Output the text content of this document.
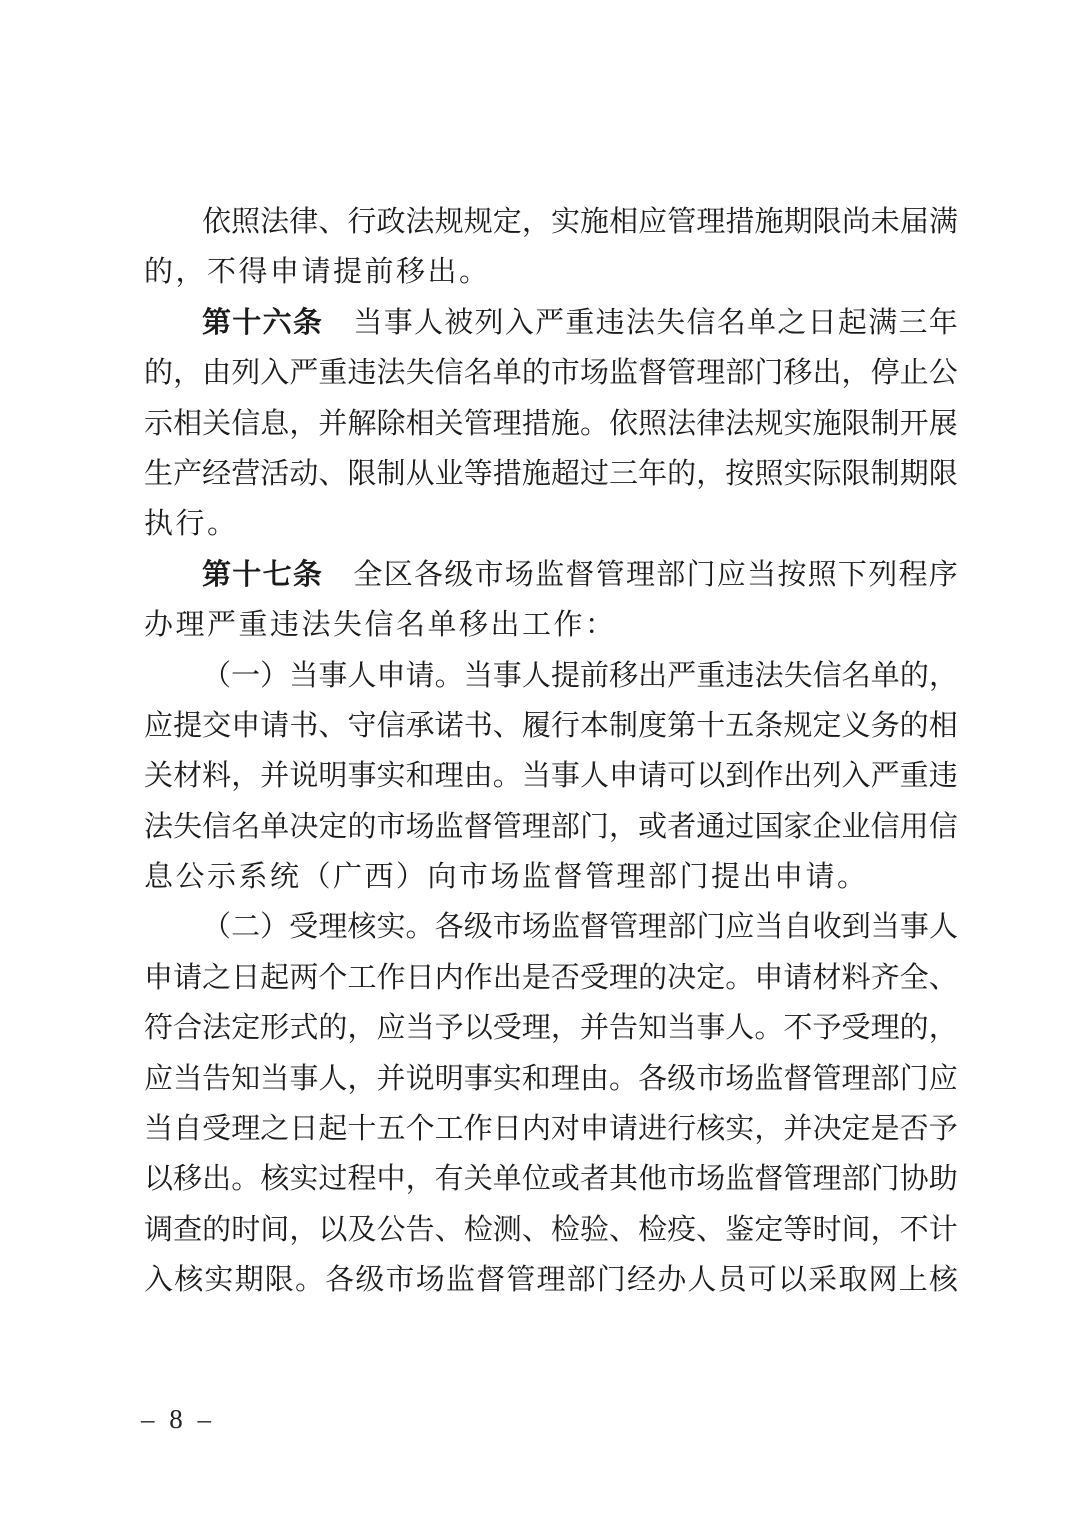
依 照 法 律 、 行 政 法 规 规 定 ， 实 施 相 应 管 理 措 施 期 限 尚 未 届 满
的，不得申请提前移出。
第 十 六 条
　 当 事 人 被 列 入 严 重 违 法 失 信 名 单 之 日 起 满 三 年
的 ， 由 列 入 严 重 违 法 失 信 名 单 的 市 场 监 督 管 理 部 门 移 出 ， 停 止 公
示 相 关 信 息 ， 并 解 除 相 关 管 理 措 施 。 依 照 法 律 法 规 实 施 限 制 开 展
生 产 经 营 活 动 、 限 制 从 业 等 措 施 超 过 三 年 的 ， 按 照 实 际 限 制 期 限
执行。
第 十 七 条
　 全 区 各 级 市 场 监 督 管 理 部 门 应 当 按 照 下 列 程 序
办理严重违法失信名单移出工作：
（ 一 ） 当 事 人 申 请 。 当 事 人 提 前 移 出 严 重 违 法 失 信 名 单 的 ，
应 提 交 申 请 书 、 守 信 承 诺 书 、 履 行 本 制 度 第 十 五 条 规 定 义 务 的 相
关 材 料 ， 并 说 明 事 实 和 理 由 。 当 事 人 申 请 可 以 到 作 出 列 入 严 重 违
法 失 信 名 单 决 定 的 市 场 监 督 管 理 部 门 ， 或 者 通 过 国 家 企 业 信 用 信
息公示系统（广西）向市场监督管理部门提出申请。
（ 二 ） 受 理 核 实 。 各 级 市 场 监 督 管 理 部 门 应 当 自 收 到 当 事 人
申 请 之 日 起 两 个 工 作 日 内 作 出 是 否 受 理 的 决 定 。 申 请 材 料 齐 全 、
符 合 法 定 形 式 的 ， 应 当 予 以 受 理 ， 并 告 知 当 事 人 。 不 予 受 理 的 ，
应 当 告 知 当 事 人 ， 并 说 明 事 实 和 理 由 。 各 级 市 场 监 督 管 理 部 门 应
当 自 受 理 之 日 起 十 五 个 工 作 日 内 对 申 请 进 行 核 实 ， 并 决 定 是 否 予
以 移 出 。 核 实 过 程 中 ， 有 关 单 位 或 者 其 他 市 场 监 督 管 理 部 门 协 助
调 查 的 时 间 ， 以 及 公 告 、 检 测 、 检 验 、 检 疫 、 鉴 定 等 时 间 ， 不 计
入 核 实 期 限 。 各 级 市 场 监 督 管 理 部 门 经 办 人 员 可 以 采 取 网 上 核
– 8 –
